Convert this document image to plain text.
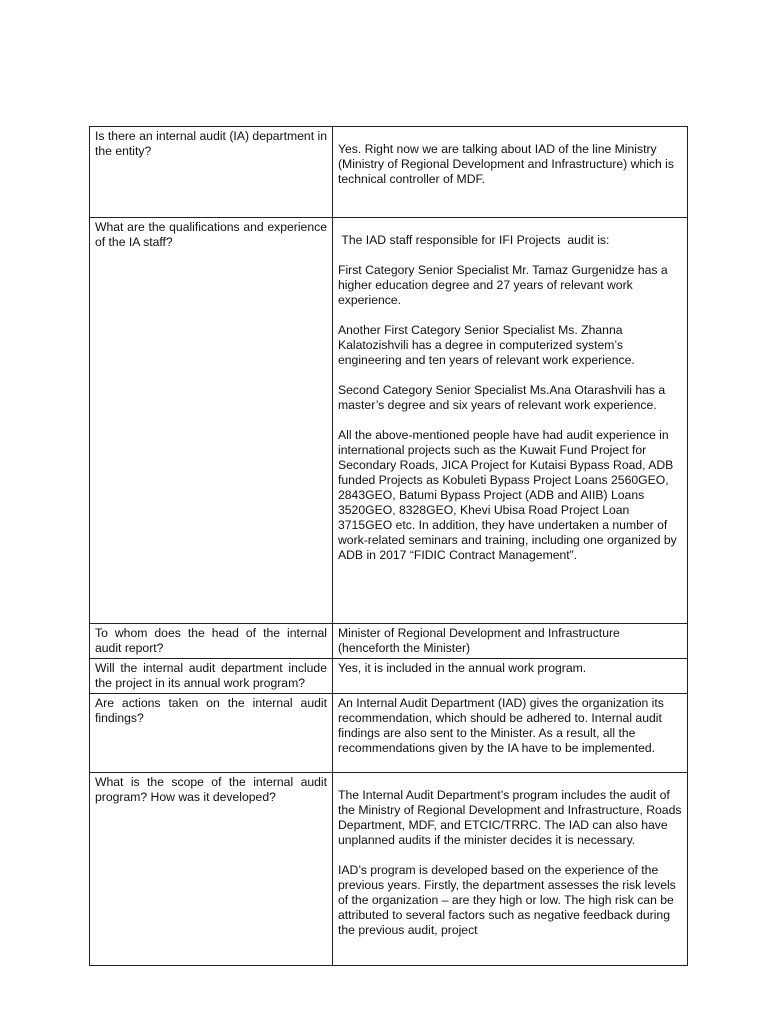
Is there an internal audit (IA) department in the entity?	Yes. Right now we are talking about IAD of the line Ministry (Ministry of Regional Development and Infrastructure) which is technical controller of MDF.

What are the qualifications and experience of the IA staff?	The IAD staff responsible for IFI Projects  audit is:

First Category Senior Specialist Mr. Tamaz Gurgenidze has a higher education degree and 27 years of relevant work experience.

Another First Category Senior Specialist Ms. Zhanna Kalatozishvili has a degree in computerized system’s engineering and ten years of relevant work experience.

Second Category Senior Specialist Ms.Ana Otarashvili has a master’s degree and six years of relevant work experience.

All the above-mentioned people have had audit experience in international projects such as the Kuwait Fund Project for Secondary Roads, JICA Project for Kutaisi Bypass Road, ADB funded Projects as Kobuleti Bypass Project Loans 2560GEO, 2843GEO, Batumi Bypass Project (ADB and AIIB) Loans 3520GEO, 8328GEO, Khevi Ubisa Road Project Loan 3715GEO etc. In addition, they have undertaken a number of work-related seminars and training, including one organized by ADB in 2017 “FIDIC Contract Management”.

To whom does the head of the internal audit report?	Minister of Regional Development and Infrastructure (henceforth the Minister)

Will the internal audit department include the project in its annual work program?	Yes, it is included in the annual work program.

Are actions taken on the internal audit findings?	An Internal Audit Department (IAD) gives the organization its recommendation, which should be adhered to. Internal audit findings are also sent to the Minister. As a result, all the recommendations given by the IA have to be implemented.

What is the scope of the internal audit program? How was it developed?	The Internal Audit Department’s program includes the audit of the Ministry of Regional Development and Infrastructure, Roads Department, MDF, and ETCIC/TRRC. The IAD can also have unplanned audits if the minister decides it is necessary.

IAD’s program is developed based on the experience of the previous years. Firstly, the department assesses the risk levels of the organization – are they high or low. The high risk can be attributed to several factors such as negative feedback during the previous audit, project
